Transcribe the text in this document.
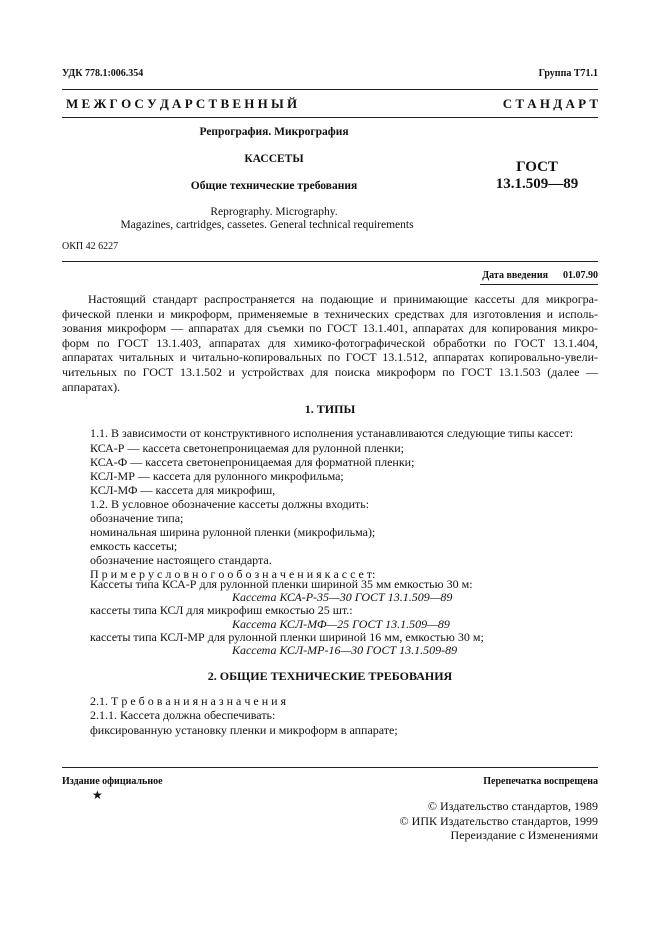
УДК 778.1:006.354	Группа Т71.1
М Е Ж Г О С У Д А Р С Т В Е Н Н Ы Й	С Т А Н Д А Р Т
Репрография. Микрография
КАССЕТЫ
Общие технические требования
Reprography. Micrography.
Magazines, cartridges, cassetes. General technical requirements
ГОСТ
13.1.509—89
ОКП 42 6227
Дата введения 01.07.90
Настоящий стандарт распространяется на подающие и принимающие кассеты для микрогра-
фической пленки и микроформ, применяемые в технических средствах для изготовления и исполь-
зования микроформ — аппаратах для съемки по ГОСТ 13.1.401, аппаратах для копирования микро-
форм по ГОСТ 13.1.403, аппаратах для химико-фотографической обработки по ГОСТ 13.1.404,
аппаратах читальных и читально-копировальных по ГОСТ 13.1.512, аппаратах копировально-увели-
чительных по ГОСТ 13.1.502 и устройствах для поиска микроформ по ГОСТ 13.1.503 (далее —
аппаратах).
1. ТИПЫ
1.1. В зависимости от конструктивного исполнения устанавливаются следующие типы кассет:
КСА-Р — кассета светонепроницаемая для рулонной пленки;
КСА-Ф — кассета светонепроницаемая для форматной пленки;
КСЛ-МР — кассета для рулонного микрофильма;
КСЛ-МФ — кассета для микрофиш,
1.2. В условное обозначение кассеты должны входить:
обозначение типа;
номинальная ширина рулонной пленки (микрофильма);
емкость кассеты;
обозначение настоящего стандарта.
П р и м е р у с л о в н о г о о б о з н а ч е н и я к а с с е т:
Кассеты типа КСА-Р для рулонной пленки шириной 35 мм емкостью 30 м:
Кассета КСА-Р-35—30 ГОСТ 13.1.509—89
кассеты типа КСЛ для микрофиш емкостью 25 шт.:
Кассета КСЛ-МФ—25 ГОСТ 13.1.509—89
кассеты типа КСЛ-МР для рулонной пленки шириной 16 мм, емкостью 30 м;
Кассета КСЛ-МР-16—30 ГОСТ 13.1.509-89
2. ОБЩИЕ ТЕХНИЧЕСКИЕ ТРЕБОВАНИЯ
2.1. Т р е б о в а н и я н а з н а ч е н и я
2.1.1. Кассета должна обеспечивать:
фиксированную установку пленки и микроформ в аппарате;
Издание официальное	Перепечатка воспрещена
★
© Издательство стандартов, 1989
© ИПК Издательство стандартов, 1999
Переиздание с Изменениями
